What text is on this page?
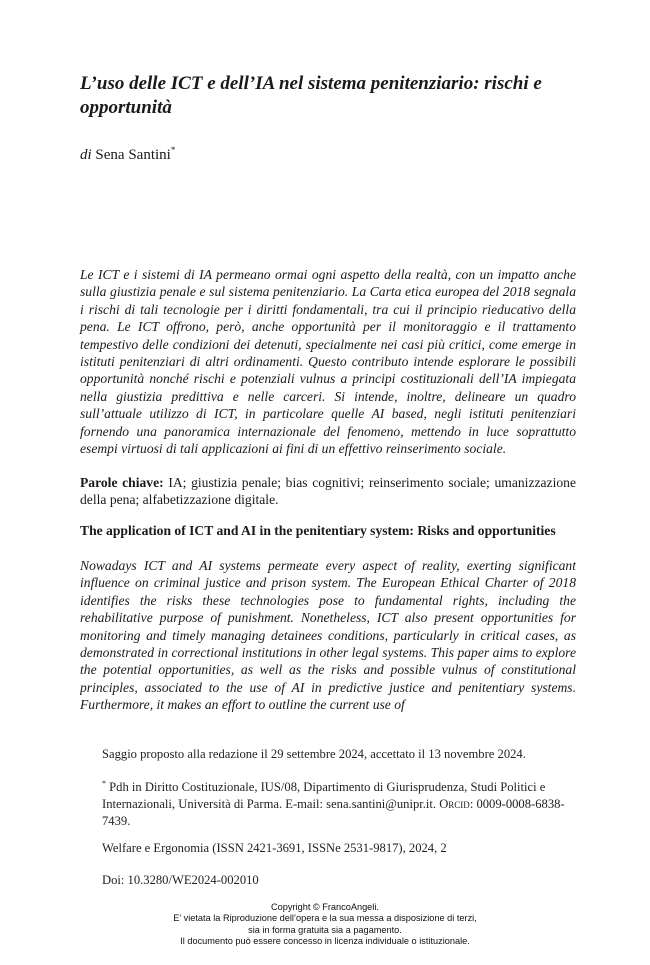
L’uso delle ICT e dell’IA nel sistema penitenziario: rischi e opportunità
di Sena Santini*

Le ICT e i sistemi di IA permeano ormai ogni aspetto della realtà, con un impatto anche sulla giustizia penale e sul sistema penitenziario. La Carta etica europea del 2018 segnala i rischi di tali tecnologie per i diritti fondamentali, tra cui il principio rieducativo della pena. Le ICT offrono, però, anche opportunità per il monitoraggio e il trattamento tempestivo delle condizioni dei detenuti, specialmente nei casi più critici, come emerge in istituti penitenziari di altri ordinamenti. Questo contributo intende esplorare le possibili opportunità nonché rischi e potenziali vulnus a principi costituzionali dell’IA impiegata nella giustizia predittiva e nelle carceri. Si intende, inoltre, delineare un quadro sull’attuale utilizzo di ICT, in particolare quelle AI based, negli istituti penitenziari fornendo una panoramica internazionale del fenomeno, mettendo in luce soprattutto esempi virtuosi di tali applicazioni ai fini di un effettivo reinserimento sociale.

Parole chiave: IA; giustizia penale; bias cognitivi; reinserimento sociale; umanizzazione della pena; alfabetizzazione digitale.

The application of ICT and AI in the penitentiary system: Risks and opportunities

Nowadays ICT and AI systems permeate every aspect of reality, exerting significant influence on criminal justice and prison system. The European Ethical Charter of 2018 identifies the risks these technologies pose to fundamental rights, including the rehabilitative purpose of punishment. Nonetheless, ICT also present opportunities for monitoring and timely managing detainees conditions, particularly in critical cases, as demonstrated in correctional institutions in other legal systems. This paper aims to explore the potential opportunities, as well as the risks and possible vulnus of constitutional principles, associated to the use of AI in predictive justice and penitentiary systems. Furthermore, it makes an effort to outline the current use of

Saggio proposto alla redazione il 29 settembre 2024, accettato il 13 novembre 2024.

* Pdh in Diritto Costituzionale, IUS/08, Dipartimento di Giurisprudenza, Studi Politici e Internazionali, Università di Parma. E-mail: sena.santini@unipr.it. Orcid: 0009-0008-6838-7439.

Welfare e Ergonomia (ISSN 2421-3691, ISSNe 2531-9817), 2024, 2

Doi: 10.3280/WE2024-002010

Copyright © FrancoAngeli.
E’ vietata la Riproduzione dell’opera e la sua messa a disposizione di terzi,
sia in forma gratuita sia a pagamento.
Il documento può essere concesso in licenza individuale o istituzionale.
